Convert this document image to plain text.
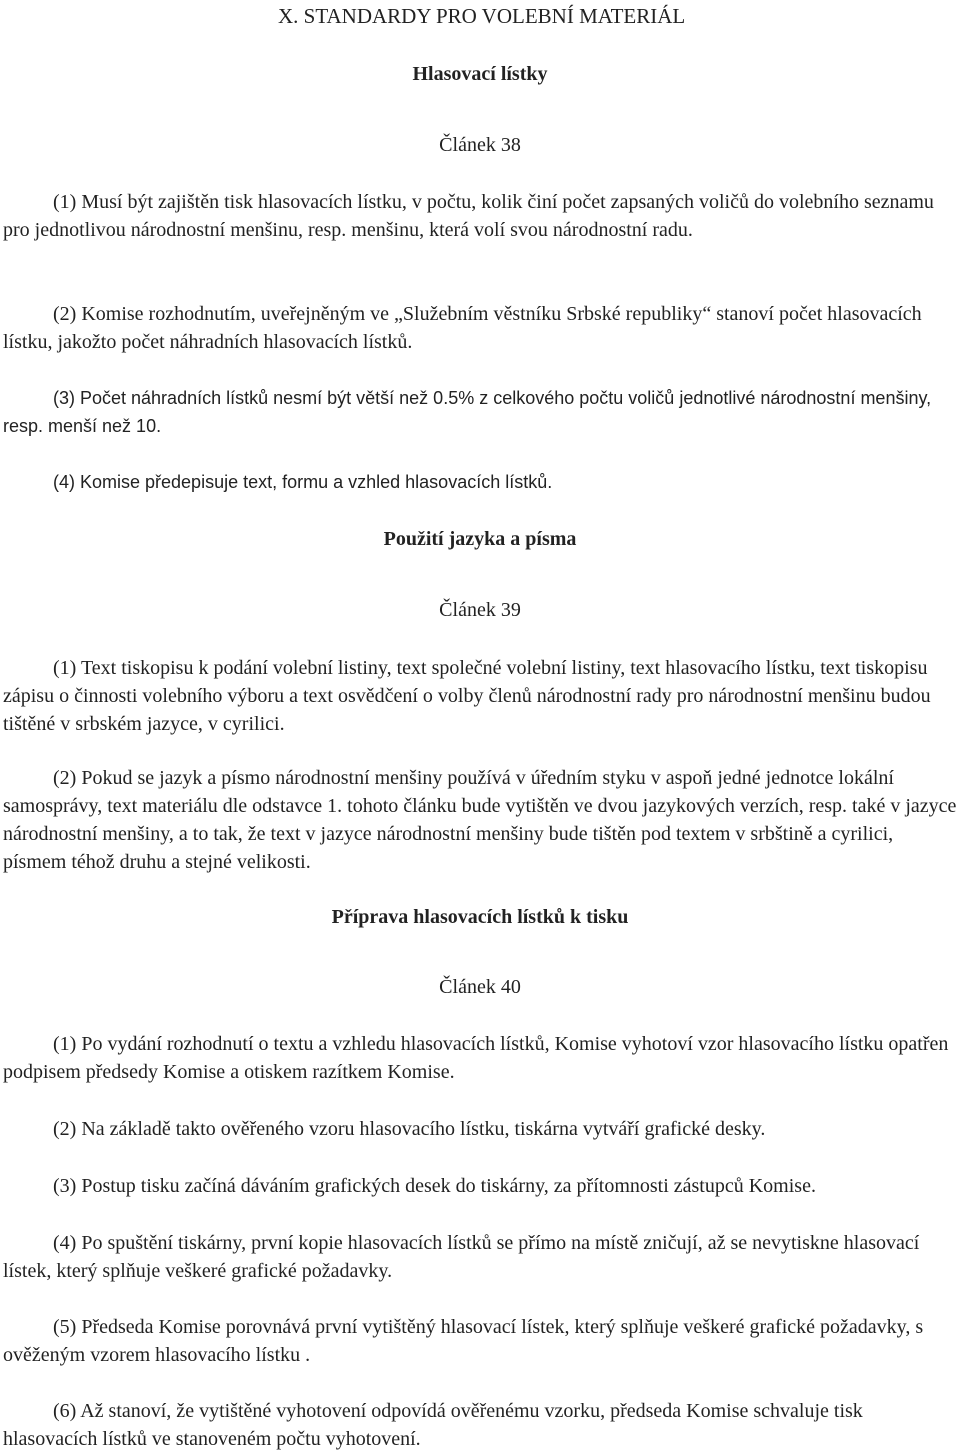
X. STANDARDY PRO VOLEBNÍ MATERIÁL
Hlasovací lístky
Článek 38

(1) Musí být zajištěn tisk hlasovacích lístku, v počtu, kolik činí počet zapsaných voličů do volebního seznamu pro jednotlivou národnostní menšinu, resp. menšinu, která volí svou národnostní radu.

(2) Komise rozhodnutím, uveřejněným ve „Služebním věstníku Srbské republiky“ stanoví počet hlasovacích lístku, jakožto počet náhradních hlasovacích lístků.

(3) Počet náhradních lístků nesmí být větší než 0.5% z celkového počtu voličů jednotlivé národnostní menšiny, resp. menší než 10.

(4) Komise předepisuje text, formu a vzhled hlasovacích lístků.

Použití jazyka a písma
Článek 39

(1) Text tiskopisu k podání volební listiny, text společné volební listiny, text hlasovacího lístku, text tiskopisu zápisu o činnosti volebního výboru a text osvědčení o volby členů národnostní rady pro národnostní menšinu budou tištěné v srbském jazyce, v cyrilici.

(2) Pokud se jazyk a písmo národnostní menšiny používá v úředním styku v aspoň jedné jednotce lokální samosprávy, text materiálu dle odstavce 1. tohoto článku bude vytištěn ve dvou jazykových verzích, resp. také v jazyce národnostní menšiny, a to tak, že text v jazyce národnostní menšiny bude tištěn pod textem v srbštině a cyrilici, písmem téhož druhu a stejné velikosti.

Příprava hlasovacích lístků k tisku
Článek 40

(1) Po vydání rozhodnutí o textu a vzhledu hlasovacích lístků, Komise vyhotoví vzor hlasovacího lístku opatřen podpisem předsedy Komise a otiskem razítkem Komise.

(2) Na základě takto ověřeného vzoru hlasovacího lístku, tiskárna vytváří grafické desky.

(3) Postup tisku začíná dáváním grafických desek do tiskárny, za přítomnosti zástupců Komise.

(4) Po spuštění tiskárny, první kopie hlasovacích lístků se přímo na místě zničují, až se nevytiskne hlasovací lístek, který splňuje veškeré grafické požadavky.

(5) Předseda Komise porovnává první vytištěný hlasovací lístek, který splňuje veškeré grafické požadavky, s ověženým vzorem hlasovacího lístku .

(6) Až stanoví, že vytištěné vyhotovení odpovídá ověřenému vzorku, předseda Komise schvaluje tisk hlasovacích lístků ve stanoveném počtu vyhotovení.
